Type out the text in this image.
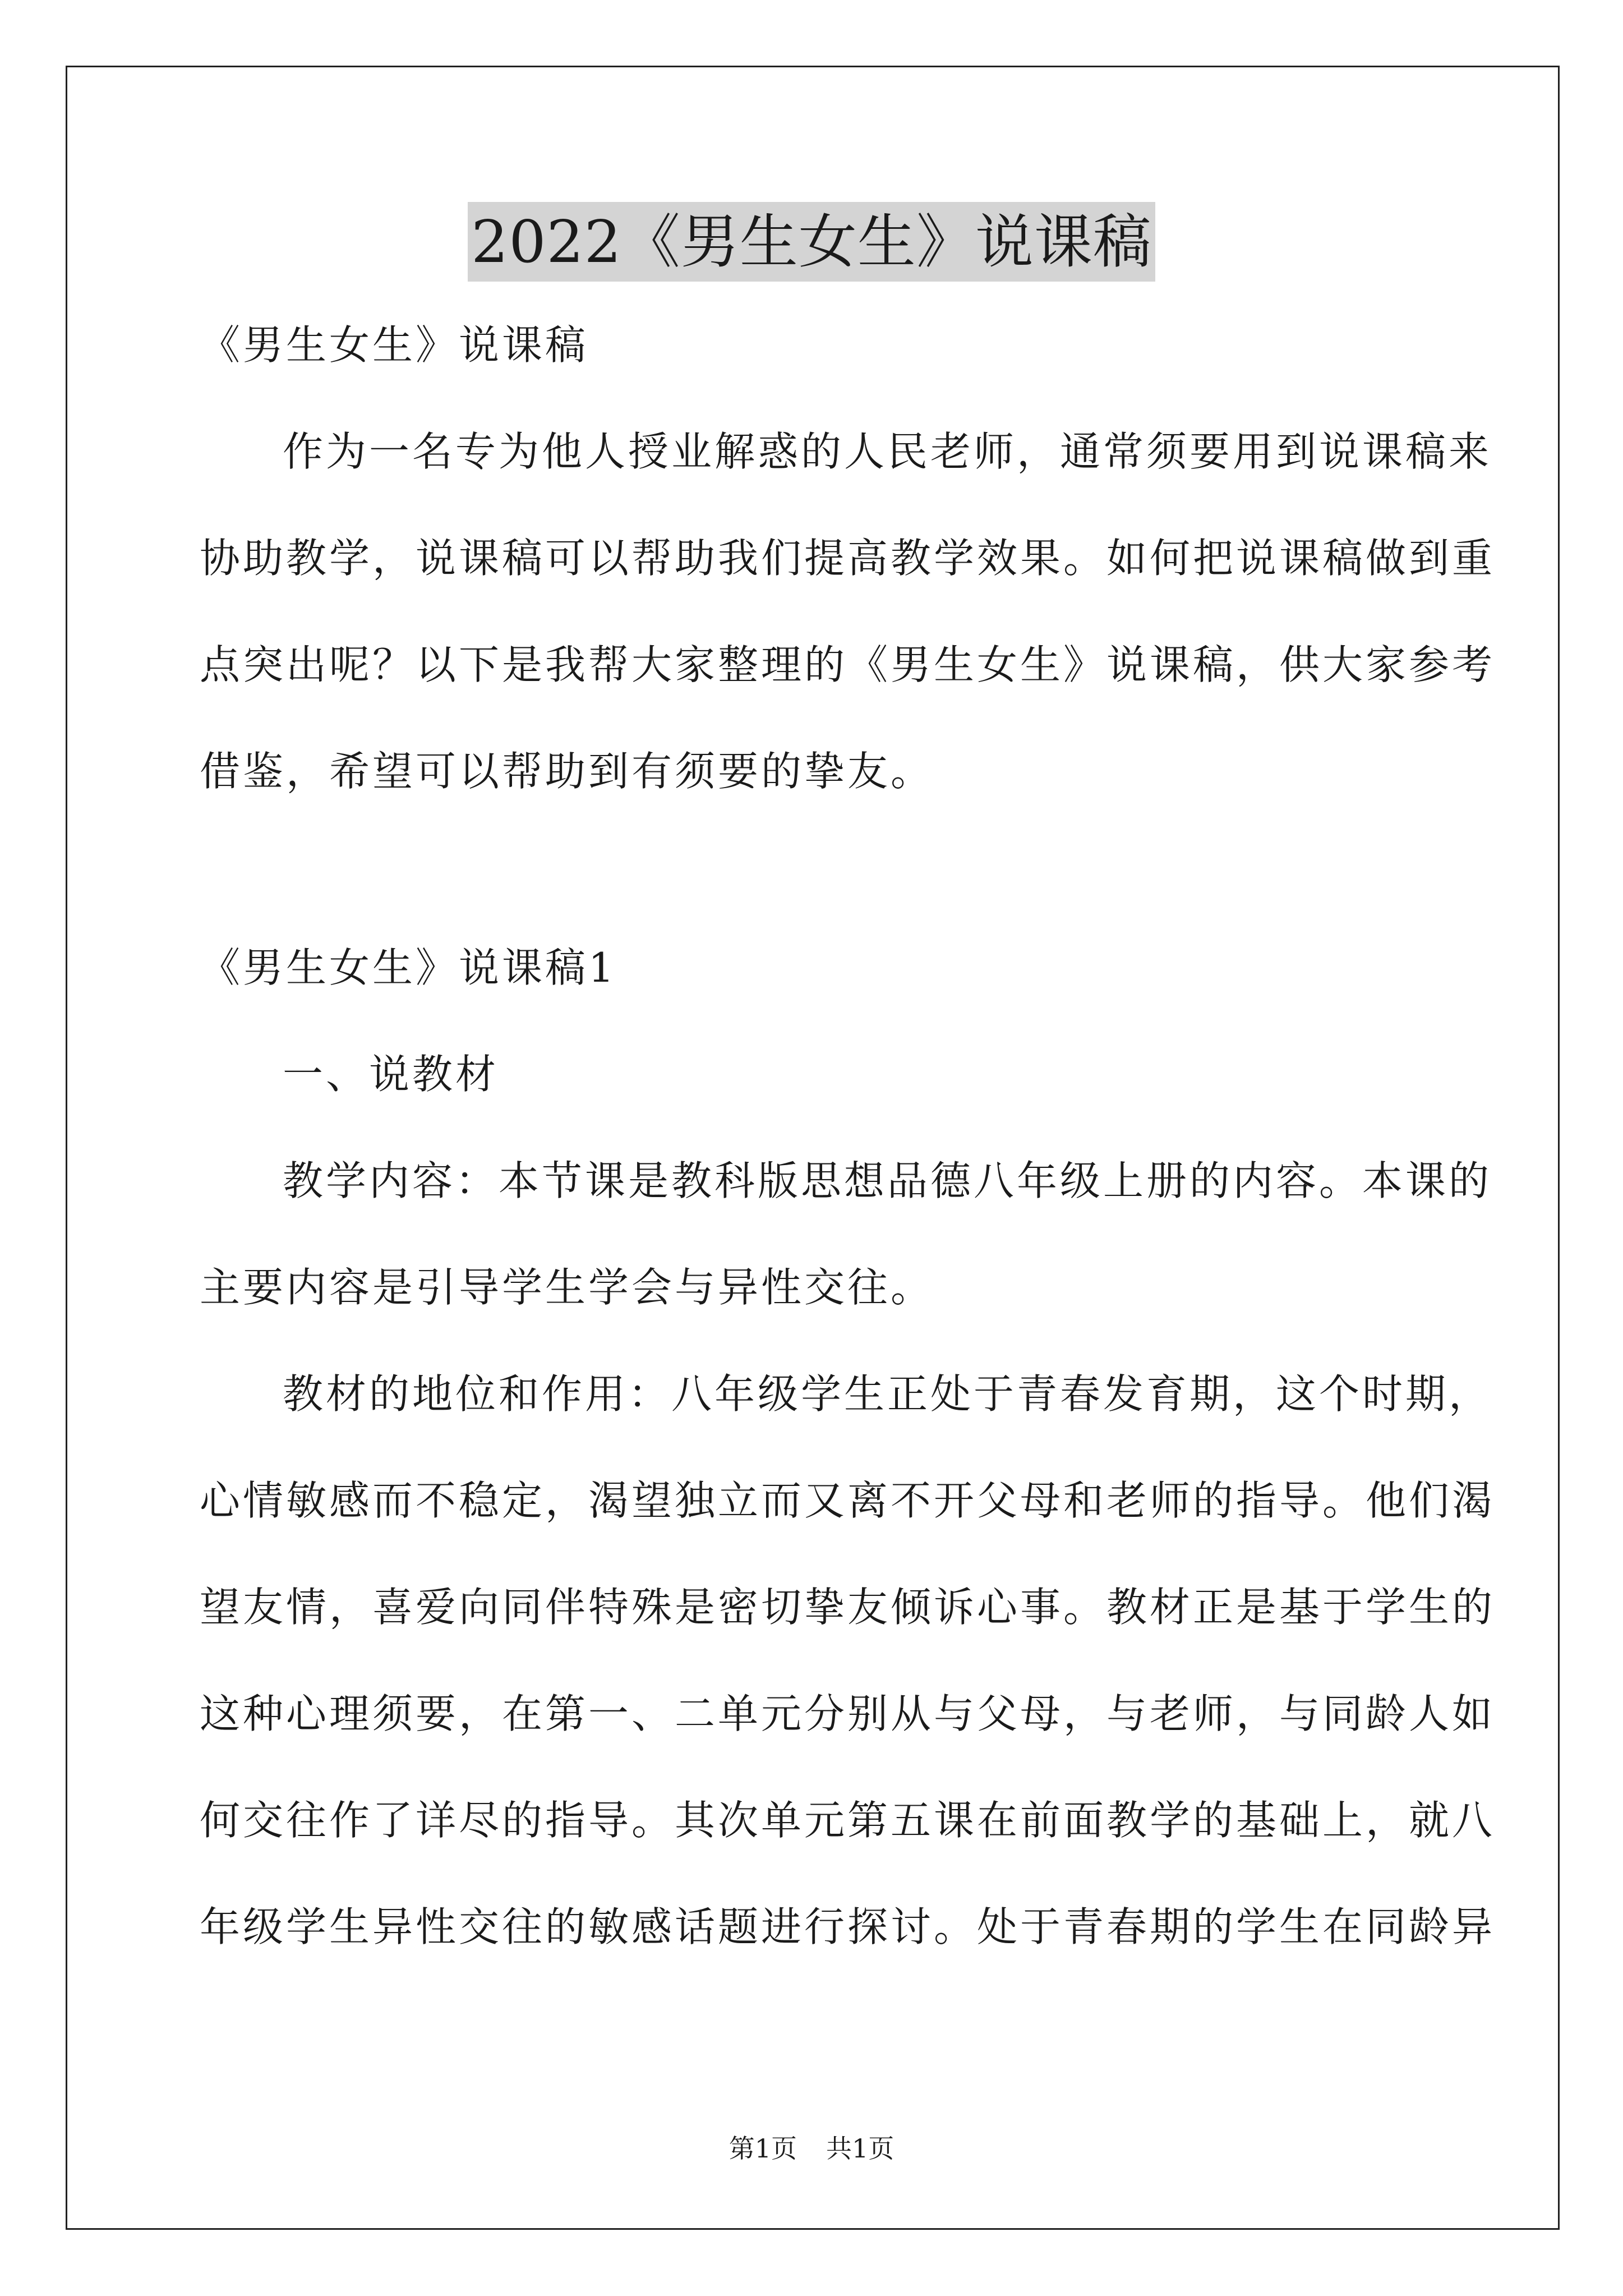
2022《男生女生》说课稿
《男生女生》说课稿
作为一名专为他人授业解惑的人民老师，通常须要用到说课稿来
协助教学，说课稿可以帮助我们提高教学效果。如何把说课稿做到重
点突出呢？以下是我帮大家整理的《男生女生》说课稿，供大家参考
借鉴，希望可以帮助到有须要的挚友。
《男生女生》说课稿1
一、说教材
教学内容：本节课是教科版思想品德八年级上册的内容。本课的
主要内容是引导学生学会与异性交往。
教材的地位和作用：八年级学生正处于青春发育期，这个时期，
心情敏感而不稳定，渴望独立而又离不开父母和老师的指导。他们渴
望友情，喜爱向同伴特殊是密切挚友倾诉心事。教材正是基于学生的
这种心理须要，在第一、二单元分别从与父母，与老师，与同龄人如
何交往作了详尽的指导。其次单元第五课在前面教学的基础上，就八
年级学生异性交往的敏感话题进行探讨。处于青春期的学生在同龄异
第1页 共1页
